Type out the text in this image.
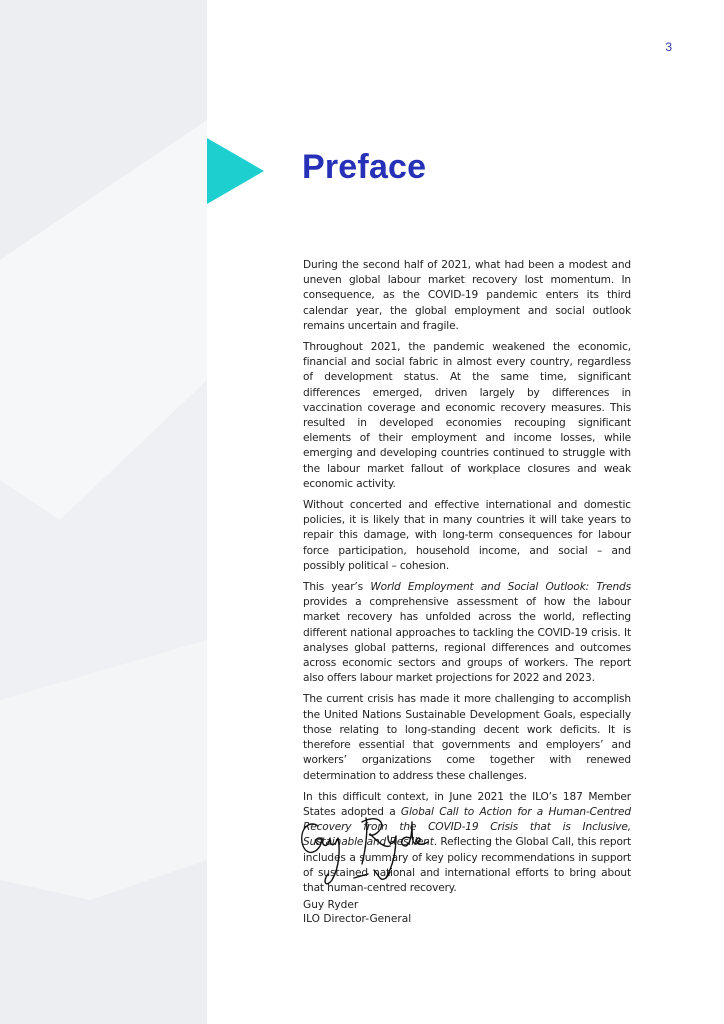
3
Preface

During the second half of 2021, what had been a modest and uneven global labour market recovery lost momentum. In consequence, as the COVID-19 pandemic enters its third calendar year, the global employment and social outlook remains uncertain and fragile.

Throughout 2021, the pandemic weakened the economic, financial and social fabric in almost every country, regardless of development status. At the same time, significant differences emerged, driven largely by differences in vaccination coverage and economic recovery measures. This resulted in developed economies recouping significant elements of their employment and income losses, while emerging and developing countries continued to struggle with the labour market fallout of workplace closures and weak economic activity.

Without concerted and effective international and domestic policies, it is likely that in many countries it will take years to repair this damage, with long-term consequences for labour force participation, household income, and social – and possibly political – cohesion.

This year’s World Employment and Social Outlook: Trends provides a comprehensive assessment of how the labour market recovery has unfolded across the world, reflecting different national approaches to tackling the COVID-19 crisis. It analyses global patterns, regional differences and outcomes across economic sectors and groups of workers. The report also offers labour market projections for 2022 and 2023.

The current crisis has made it more challenging to accomplish the United Nations Sustainable Development Goals, especially those relating to long-standing decent work deficits. It is therefore essential that governments and employers’ and workers’ organizations come together with renewed determination to address these challenges.

In this difficult context, in June 2021 the ILO’s 187 Member States adopted a Global Call to Action for a Human-Centred Recovery from the COVID-19 Crisis that is Inclusive, Sustainable and Resilient. Reflecting the Global Call, this report includes a summary of key policy recommendations in support of sustained national and international efforts to bring about that human-centred recovery.

Guy Ryder
ILO Director-General
